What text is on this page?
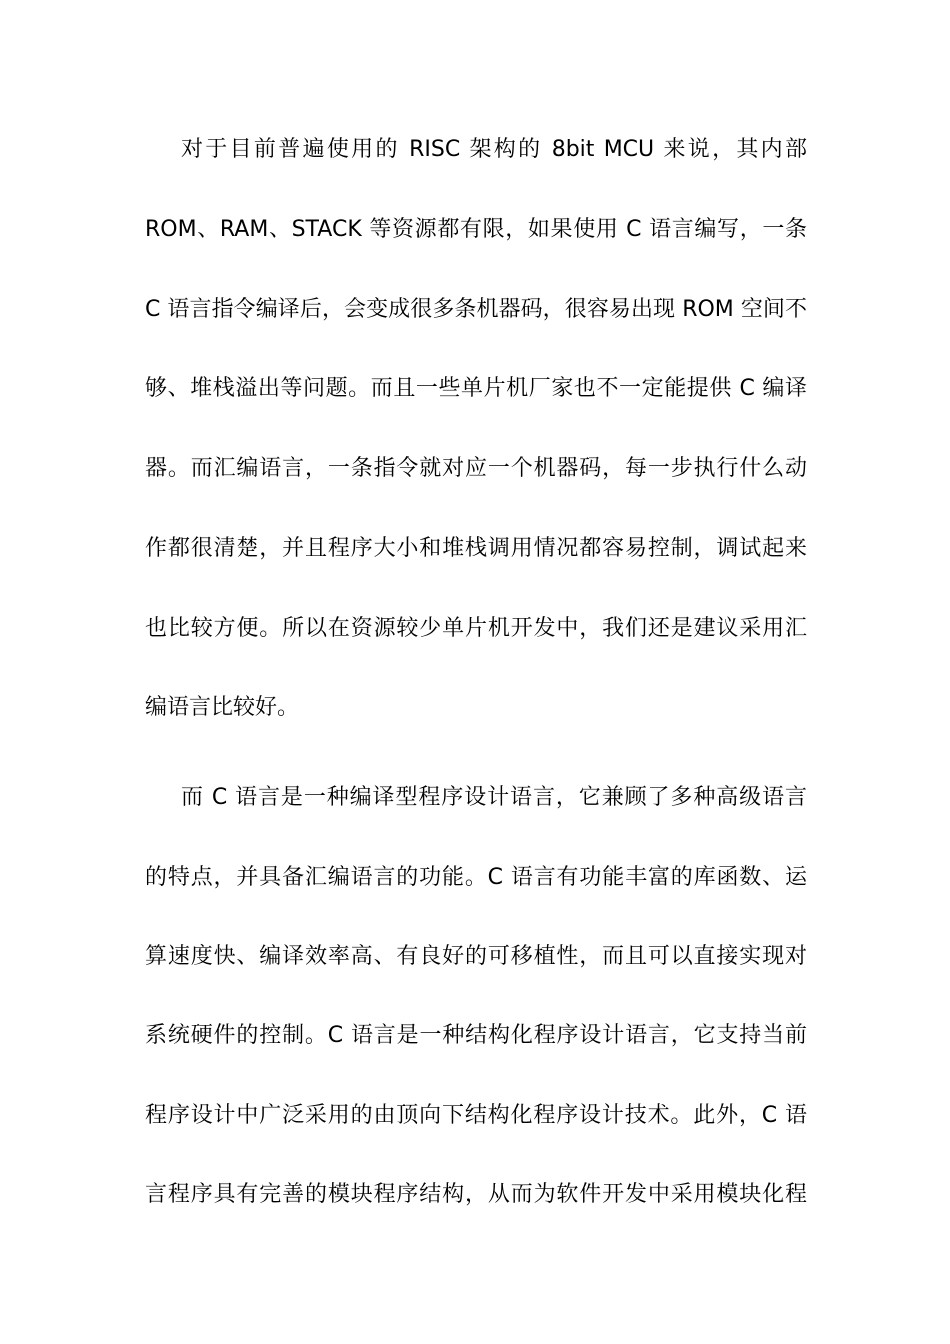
对于目前普遍使用的 RISC 架构的 8bit MCU 来说，其内部
ROM、RAM、STACK 等资源都有限，如果使用 C 语言编写，一条
C 语言指令编译后，会变成很多条机器码，很容易出现 ROM 空间不
够、堆栈溢出等问题。而且一些单片机厂家也不一定能提供 C 编译
器。而汇编语言，一条指令就对应一个机器码，每一步执行什么动
作都很清楚，并且程序大小和堆栈调用情况都容易控制，调试起来
也比较方便。所以在资源较少单片机开发中，我们还是建议采用汇
编语言比较好。
而 C 语言是一种编译型程序设计语言，它兼顾了多种高级语言
的特点，并具备汇编语言的功能。C 语言有功能丰富的库函数、运
算速度快、编译效率高、有良好的可移植性，而且可以直接实现对
系统硬件的控制。C 语言是一种结构化程序设计语言，它支持当前
程序设计中广泛采用的由顶向下结构化程序设计技术。此外，C 语
言程序具有完善的模块程序结构，从而为软件开发中采用模块化程
